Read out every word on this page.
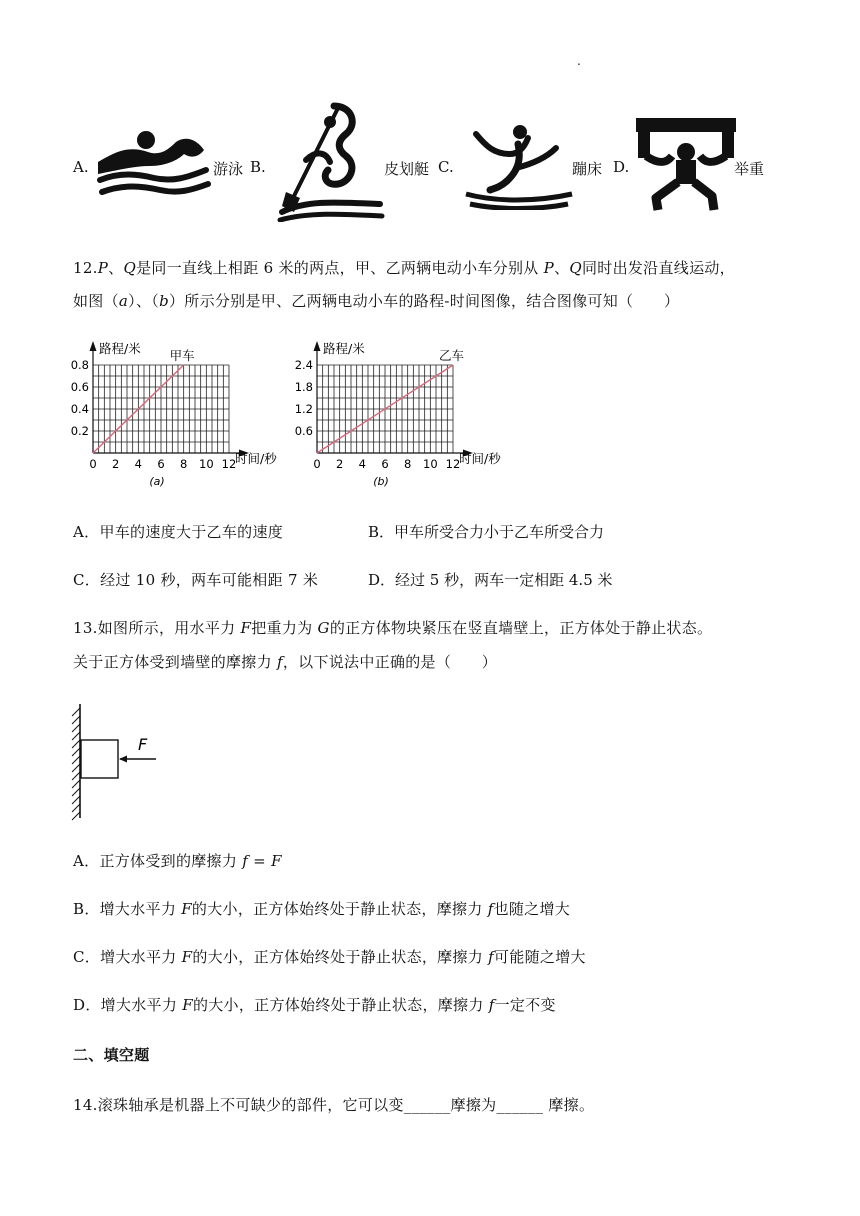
.
A.	游泳 B.	皮划艇 C.	蹦床 D.	举重
12.P、Q是同一直线上相距 6 米的两点，甲、乙两辆电动小车分别从 P、Q同时出发沿直线运动，
如图（a）、（b）所示分别是甲、乙两辆电动小车的路程-时间图像，结合图像可知（　　）
0 2 4 6 8 10 12
0.2
0.4
0.6
0.8
路程/米
时间/秒
甲车
(a)
0 2 4 6 8 10 12
0.6
1.2
1.8
2.4
路程/米
时间/秒
乙车
(b)
A．甲车的速度大于乙车的速度	B．甲车所受合力小于乙车所受合力
C．经过 10 秒，两车可能相距 7 米	D．经过 5 秒，两车一定相距 4.5 米
13.如图所示，用水平力 F把重力为 G的正方体物块紧压在竖直墙壁上，正方体处于静止状态。
关于正方体受到墙壁的摩擦力 f，以下说法中正确的是（　　）
F
A．正方体受到的摩擦力 f = F
B．增大水平力 F的大小，正方体始终处于静止状态，摩擦力 f也随之增大
C．增大水平力 F的大小，正方体始终处于静止状态，摩擦力 f可能随之增大
D．增大水平力 F的大小，正方体始终处于静止状态，摩擦力 f一定不变
二、填空题
14.滚珠轴承是机器上不可缺少的部件，它可以变______摩擦为______ 摩擦。
